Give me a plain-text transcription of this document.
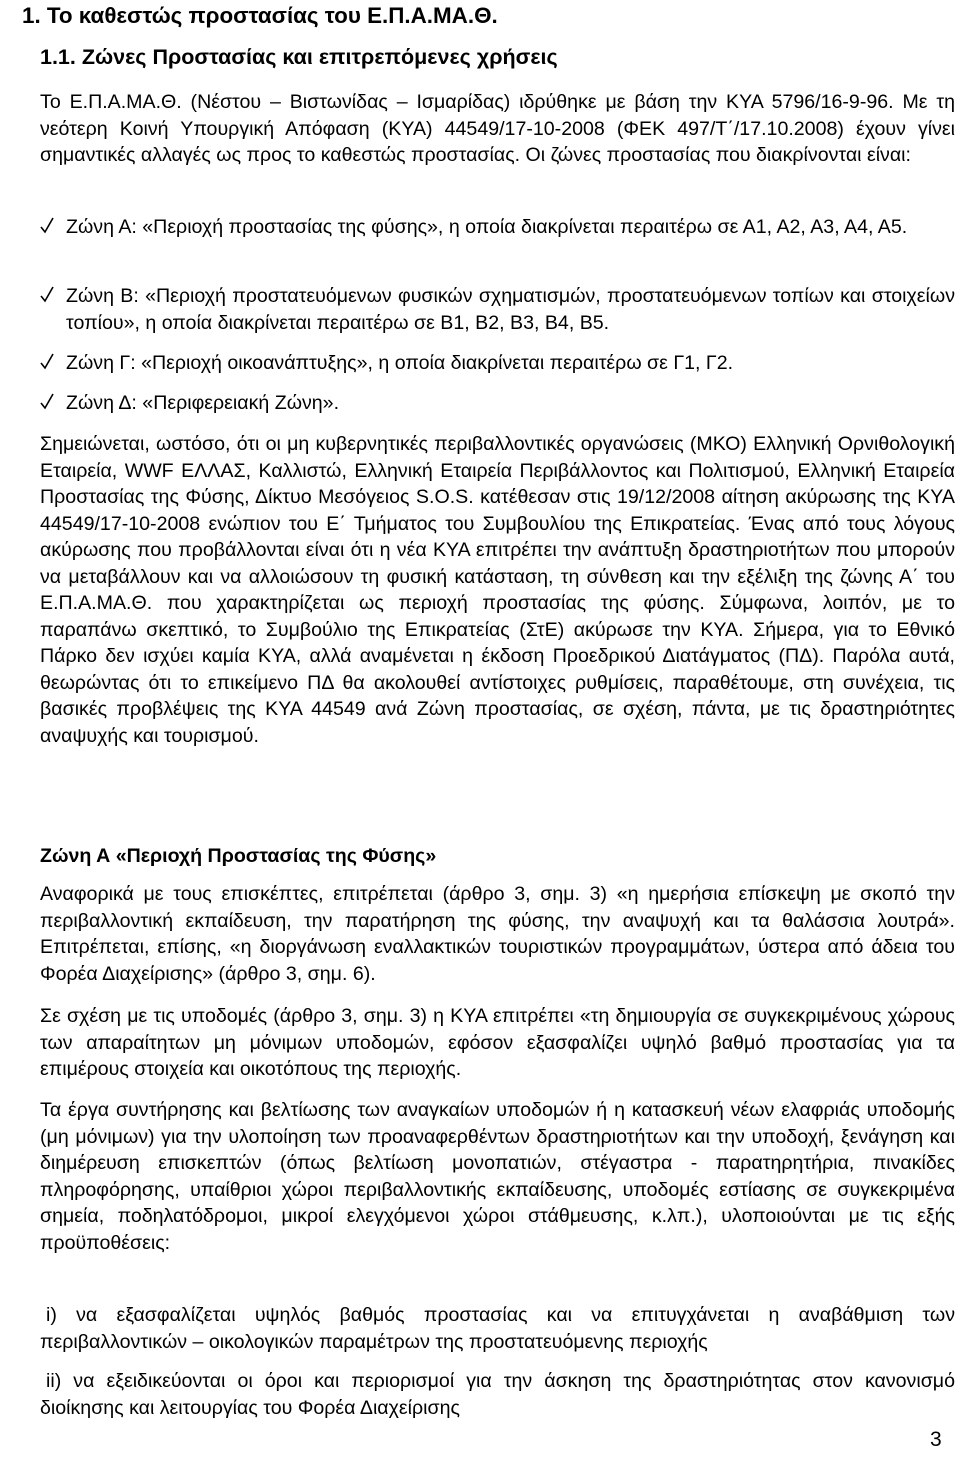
1. Το καθεστώς προστασίας του Ε.Π.Α.ΜΑ.Θ.
1.1. Ζώνες Προστασίας και επιτρεπόμενες χρήσεις
Το Ε.Π.Α.ΜΑ.Θ. (Νέστου – Βιστωνίδας – Ισμαρίδας) ιδρύθηκε με βάση την ΚΥΑ 5796/16-9-96. Με τη νεότερη Κοινή Υπουργική Απόφαση (ΚΥΑ) 44549/17-10-2008 (ΦΕΚ 497/Τ΄/17.10.2008) έχουν γίνει σημαντικές αλλαγές ως προς το καθεστώς προστασίας. Οι ζώνες προστασίας που διακρίνονται είναι:
Ζώνη Α: «Περιοχή προστασίας της φύσης», η οποία διακρίνεται περαιτέρω σε Α1, Α2, Α3, Α4, Α5.
Ζώνη Β: «Περιοχή προστατευόμενων φυσικών σχηματισμών, προστατευόμενων τοπίων και στοιχείων τοπίου», η οποία διακρίνεται περαιτέρω σε Β1, Β2, Β3, Β4, Β5.
Ζώνη Γ: «Περιοχή οικοανάπτυξης», η οποία διακρίνεται περαιτέρω σε Γ1, Γ2.
Ζώνη Δ: «Περιφερειακή Ζώνη».
Σημειώνεται, ωστόσο, ότι οι μη κυβερνητικές περιβαλλοντικές οργανώσεις (ΜΚΟ) Ελληνική Ορνιθολογική Εταιρεία, WWF ΕΛΛΑΣ, Καλλιστώ, Ελληνική Εταιρεία Περιβάλλοντος και Πολιτισμού, Ελληνική Εταιρεία Προστασίας της Φύσης, Δίκτυο Μεσόγειος S.O.S. κατέθεσαν στις 19/12/2008 αίτηση ακύρωσης της ΚΥΑ 44549/17-10-2008 ενώπιον του Ε΄ Τμήματος του Συμβουλίου της Επικρατείας. Ένας από τους λόγους ακύρωσης που προβάλλονται είναι ότι η νέα ΚΥΑ επιτρέπει την ανάπτυξη δραστηριοτήτων που μπορούν να μεταβάλλουν και να αλλοιώσουν τη φυσική κατάσταση, τη σύνθεση και την εξέλιξη της ζώνης Α΄ του Ε.Π.Α.ΜΑ.Θ. που χαρακτηρίζεται ως περιοχή προστασίας της φύσης. Σύμφωνα, λοιπόν, με το παραπάνω σκεπτικό, το Συμβούλιο της Επικρατείας (ΣτΕ) ακύρωσε την ΚΥΑ. Σήμερα, για το Εθνικό Πάρκο δεν ισχύει καμία ΚΥΑ, αλλά αναμένεται η έκδοση Προεδρικού Διατάγματος (ΠΔ). Παρόλα αυτά, θεωρώντας ότι το επικείμενο ΠΔ θα ακολουθεί αντίστοιχες ρυθμίσεις, παραθέτουμε, στη συνέχεια, τις βασικές προβλέψεις της ΚΥΑ 44549 ανά Ζώνη προστασίας, σε σχέση, πάντα, με τις δραστηριότητες αναψυχής και τουρισμού.
Ζώνη Α «Περιοχή Προστασίας της Φύσης»
Αναφορικά με τους επισκέπτες, επιτρέπεται (άρθρο 3, σημ. 3) «η ημερήσια επίσκεψη με σκοπό την περιβαλλοντική εκπαίδευση, την παρατήρηση της φύσης, την αναψυχή και τα θαλάσσια λουτρά». Επιτρέπεται, επίσης, «η διοργάνωση εναλλακτικών τουριστικών προγραμμάτων, ύστερα από άδεια του Φορέα Διαχείρισης» (άρθρο 3, σημ. 6).
Σε σχέση με τις υποδομές (άρθρο 3, σημ. 3) η ΚΥΑ επιτρέπει «τη δημιουργία σε συγκεκριμένους χώρους των απαραίτητων μη μόνιμων υποδομών, εφόσον εξασφαλίζει υψηλό βαθμό προστασίας για τα επιμέρους στοιχεία και οικοτόπους της περιοχής.
Τα έργα συντήρησης και βελτίωσης των αναγκαίων υποδομών ή η κατασκευή νέων ελαφριάς υποδομής (μη μόνιμων) για την υλοποίηση των προαναφερθέντων δραστηριοτήτων και την υποδοχή, ξενάγηση και διημέρευση επισκεπτών (όπως βελτίωση μονοπατιών, στέγαστρα - παρατηρητήρια, πινακίδες πληροφόρησης, υπαίθριοι χώροι περιβαλλοντικής εκπαίδευσης, υποδομές εστίασης σε συγκεκριμένα σημεία, ποδηλατόδρομοι, μικροί ελεγχόμενοι χώροι στάθμευσης, κ.λπ.), υλοποιούνται με τις εξής προϋποθέσεις:
i) να εξασφαλίζεται υψηλός βαθμός προστασίας και να επιτυγχάνεται η αναβάθμιση των περιβαλλοντικών – οικολογικών παραμέτρων της προστατευόμενης περιοχής
ii) να εξειδικεύονται οι όροι και περιορισμοί για την άσκηση της δραστηριότητας στον κανονισμό διοίκησης και λειτουργίας του Φορέα Διαχείρισης
3
